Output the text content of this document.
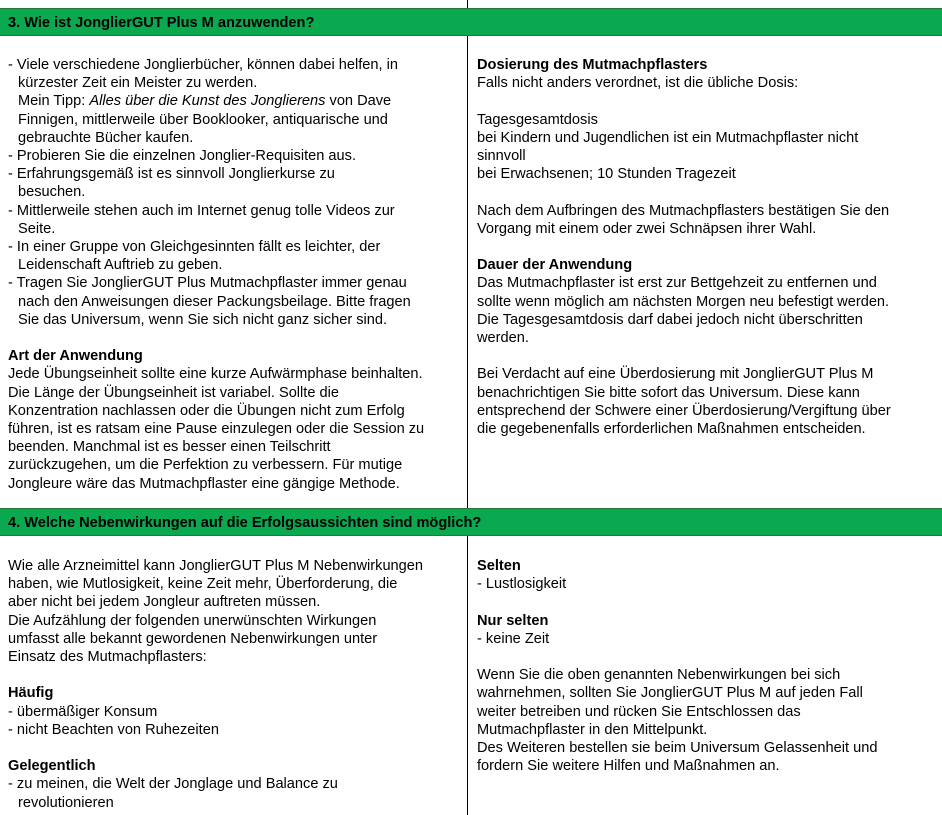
3. Wie ist JonglierGUT Plus M anzuwenden?
- Viele verschiedene Jonglierbücher, können dabei helfen, in
kürzester Zeit ein Meister zu werden.
Mein Tipp: Alles über die Kunst des Jonglierens von Dave
Finnigen, mittlerweile über Booklooker, antiquarische und
gebrauchte Bücher kaufen.
- Probieren Sie die einzelnen Jonglier-Requisiten aus.
- Erfahrungsgemäß ist es sinnvoll Jonglierkurse zu
besuchen.
- Mittlerweile stehen auch im Internet genug tolle Videos zur
Seite.
- In einer Gruppe von Gleichgesinnten fällt es leichter, der
Leidenschaft Auftrieb zu geben.
- Tragen Sie JonglierGUT Plus Mutmachpflaster immer genau
nach den Anweisungen dieser Packungsbeilage. Bitte fragen
Sie das Universum, wenn Sie sich nicht ganz sicher sind.
Art der Anwendung
Jede Übungseinheit sollte eine kurze Aufwärmphase beinhalten.
Die Länge der Übungseinheit ist variabel. Sollte die
Konzentration nachlassen oder die Übungen nicht zum Erfolg
führen, ist es ratsam eine Pause einzulegen oder die Session zu
beenden. Manchmal ist es besser einen Teilschritt
zurückzugehen, um die Perfektion zu verbessern. Für mutige
Jongleure wäre das Mutmachpflaster eine gängige Methode.
Dosierung des Mutmachpflasters
Falls nicht anders verordnet, ist die übliche Dosis:
Tagesgesamtdosis
bei Kindern und Jugendlichen ist ein Mutmachpflaster nicht
sinnvoll
bei Erwachsenen; 10 Stunden Tragezeit
Nach dem Aufbringen des Mutmachpflasters bestätigen Sie den
Vorgang mit einem oder zwei Schnäpsen ihrer Wahl.
Dauer der Anwendung
Das Mutmachpflaster ist erst zur Bettgehzeit zu entfernen und
sollte wenn möglich am nächsten Morgen neu befestigt werden.
Die Tagesgesamtdosis darf dabei jedoch nicht überschritten
werden.
Bei Verdacht auf eine Überdosierung mit JonglierGUT Plus M
benachrichtigen Sie bitte sofort das Universum. Diese kann
entsprechend der Schwere einer Überdosierung/Vergiftung über
die gegebenenfalls erforderlichen Maßnahmen entscheiden.
4. Welche Nebenwirkungen auf die Erfolgsaussichten sind möglich?
Wie alle Arzneimittel kann JonglierGUT Plus M Nebenwirkungen
haben, wie Mutlosigkeit, keine Zeit mehr, Überforderung, die
aber nicht bei jedem Jongleur auftreten müssen.
Die Aufzählung der folgenden unerwünschten Wirkungen
umfasst alle bekannt gewordenen Nebenwirkungen unter
Einsatz des Mutmachpflasters:
Häufig
- übermäßiger Konsum
- nicht Beachten von Ruhezeiten
Gelegentlich
- zu meinen, die Welt der Jonglage und Balance zu
revolutionieren
Selten
- Lustlosigkeit
Nur selten
- keine Zeit
Wenn Sie die oben genannten Nebenwirkungen bei sich
wahrnehmen, sollten Sie JonglierGUT Plus M auf jeden Fall
weiter betreiben und rücken Sie Entschlossen das
Mutmachpflaster in den Mittelpunkt.
Des Weiteren bestellen sie beim Universum Gelassenheit und
fordern Sie weitere Hilfen und Maßnahmen an.
